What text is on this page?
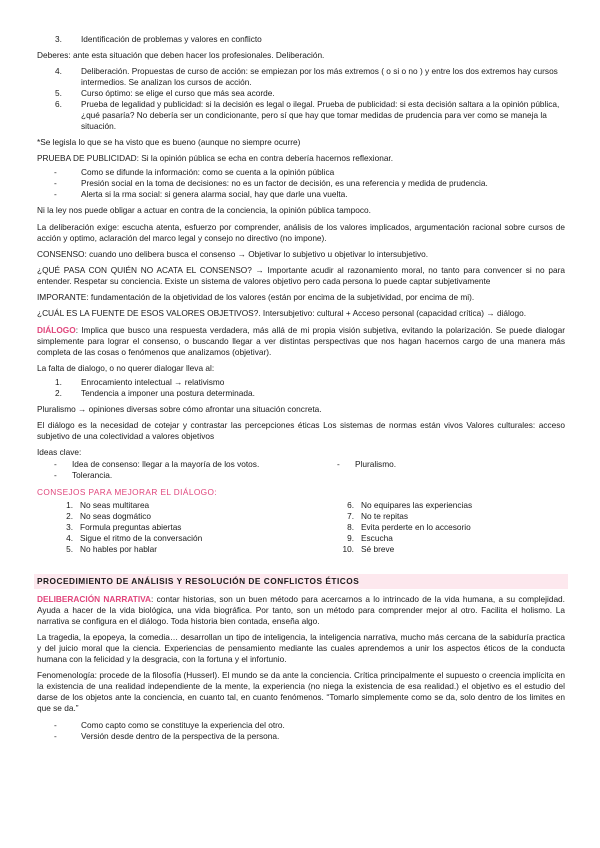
3.	Identificación de problemas y valores en conflicto

Deberes: ante esta situación que deben hacer los profesionales. Deliberación.

4.	Deliberación. Propuestas de curso de acción: se empiezan por los más extremos ( o si o no ) y entre los dos extremos hay cursos intermedios. Se analizan los cursos de acción.
5.	Curso óptimo: se elige el curso que más sea acorde.
6.	Prueba de legalidad y publicidad: si la decisión es legal o ilegal. Prueba de publicidad: si esta decisión saltara a la opinión pública, ¿qué pasaría? No debería ser un condicionante, pero sí que hay que tomar medidas de prudencia para ver como se maneja la situación.

*Se legisla lo que se ha visto que es bueno (aunque no siempre ocurre)

PRUEBA DE PUBLICIDAD: Si la opinión pública se echa en contra debería hacernos reflexionar.

-	Como se difunde la información: como se cuenta a la opinión pública
-	Presión social en la toma de decisiones: no es un factor de decisión, es una referencia y medida de prudencia.
-	Alerta si la rma social: si genera alarma social, hay que darle una vuelta.

Ni la ley nos puede obligar a actuar en contra de la conciencia, la opinión pública tampoco.

La deliberación exige: escucha atenta, esfuerzo por comprender, análisis de los valores implicados, argumentación racional sobre cursos de acción y optimo, aclaración del marco legal y consejo no directivo (no impone).

CONSENSO: cuando uno delibera busca el consenso → Objetivar lo subjetivo u objetivar lo intersubjetivo.

¿QUÉ PASA CON QUIÉN NO ACATA EL CONSENSO? → Importante acudir al razonamiento moral, no tanto para convencer si no para entender. Respetar su conciencia. Existe un sistema de valores objetivo pero cada persona lo puede captar subjetivamente

IMPORANTE: fundamentación de la objetividad de los valores (están por encima de la subjetividad, por encima de mi).

¿CUÁL ES LA FUENTE DE ESOS VALORES OBJETIVOS?. Intersubjetivo: cultural + Acceso personal (capacidad crítica) → diálogo.

DIÁLOGO: Implica que busco una respuesta verdadera, más allá de mi propia visión subjetiva, evitando la polarización. Se puede dialogar simplemente para lograr el consenso, o buscando llegar a ver distintas perspectivas que nos hagan hacernos cargo de una manera más completa de las cosas o fenómenos que analizamos (objetivar).

La falta de dialogo, o no querer dialogar lleva al:

1.	Enrocamiento intelectual → relativismo
2.	Tendencia a imponer una postura determinada.

Pluralismo → opiniones diversas sobre cómo afrontar una situación concreta.

El diálogo es la necesidad de cotejar y contrastar las percepciones éticas Los sistemas de normas están vivos Valores culturales: acceso subjetivo de una colectividad a valores objetivos

Ideas clave:

- Idea de consenso: llegar a la mayoría de los votos.	- Pluralismo.
- Tolerancia.

CONSEJOS PARA MEJORAR EL DIÁLOGO:

1. No seas multitarea
2. No seas dogmático
3. Formula preguntas abiertas
4. Sigue el ritmo de la conversación
5. No hables por hablar
6. No equipares las experiencias
7. No te repitas
8. Evita perderte en lo accesorio
9. Escucha
10. Sé breve
PROCEDIMIENTO DE ANÁLISIS Y RESOLUCIÓN DE CONFLICTOS ÉTICOS

DELIBERACIÓN NARRATIVA: contar historias, son un buen método para acercarnos a lo intrincado de la vida humana, a su complejidad. Ayuda a hacer de la vida biológica, una vida biográfica. Por tanto, son un método para comprender mejor al otro. Facilita el holismo. La narrativa se configura en el diálogo. Toda historia bien contada, enseña algo.

La tragedia, la epopeya, la comedia… desarrollan un tipo de inteligencia, la inteligencia narrativa, mucho más cercana de la sabiduría practica y del juicio moral que la ciencia. Experiencias de pensamiento mediante las cuales aprendemos a unir los aspectos éticos de la conducta humana con la felicidad y la desgracia, con la fortuna y el infortunio.

Fenomenología: procede de la filosofía (Husserl). El mundo se da ante la conciencia. Crítica principalmente el supuesto o creencia implícita en la existencia de una realidad independiente de la mente, la experiencia (no niega la existencia de esa realidad.) el objetivo es el estudio del darse de los objetos ante la conciencia, en cuanto tal, en cuanto fenómenos. “Tomarlo simplemente como se da, solo dentro de los limites en que se da.”

-	Como capto como se constituye la experiencia del otro.
-	Versión desde dentro de la perspectiva de la persona.
